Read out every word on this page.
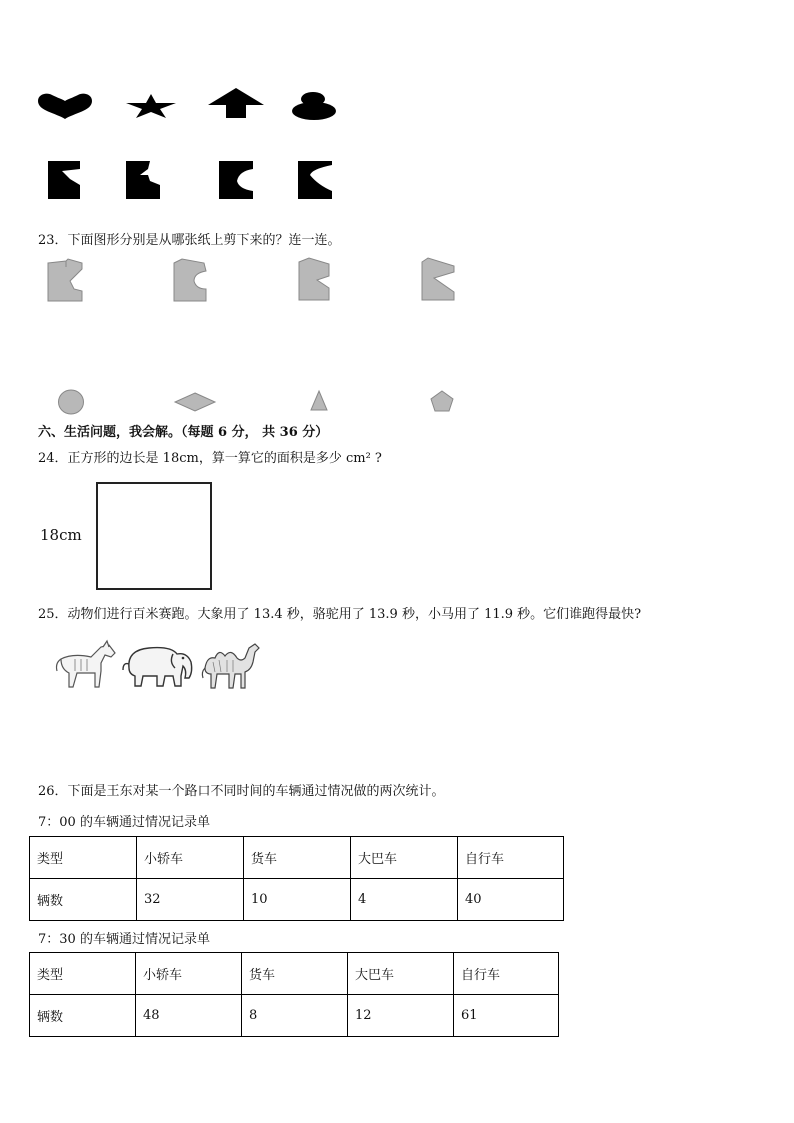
23．下面图形分别是从哪张纸上剪下来的？连一连。
六、生活问题，我会解。（每题 6 分， 共 36 分）
24．正方形的边长是 18cm，算一算它的面积是多少 cm² ?
18cm
25．动物们进行百米赛跑。大象用了 13.4 秒，骆驼用了 13.9 秒，小马用了 11.9 秒。它们谁跑得最快?
26．下面是王东对某一个路口不同时间的车辆通过情况做的两次统计。
7：00 的车辆通过情况记录单
类型	小轿车	货车	大巴车	自行车
辆数	32	10	4	40
7：30 的车辆通过情况记录单
类型	小轿车	货车	大巴车	自行车
辆数	48	8	12	61
